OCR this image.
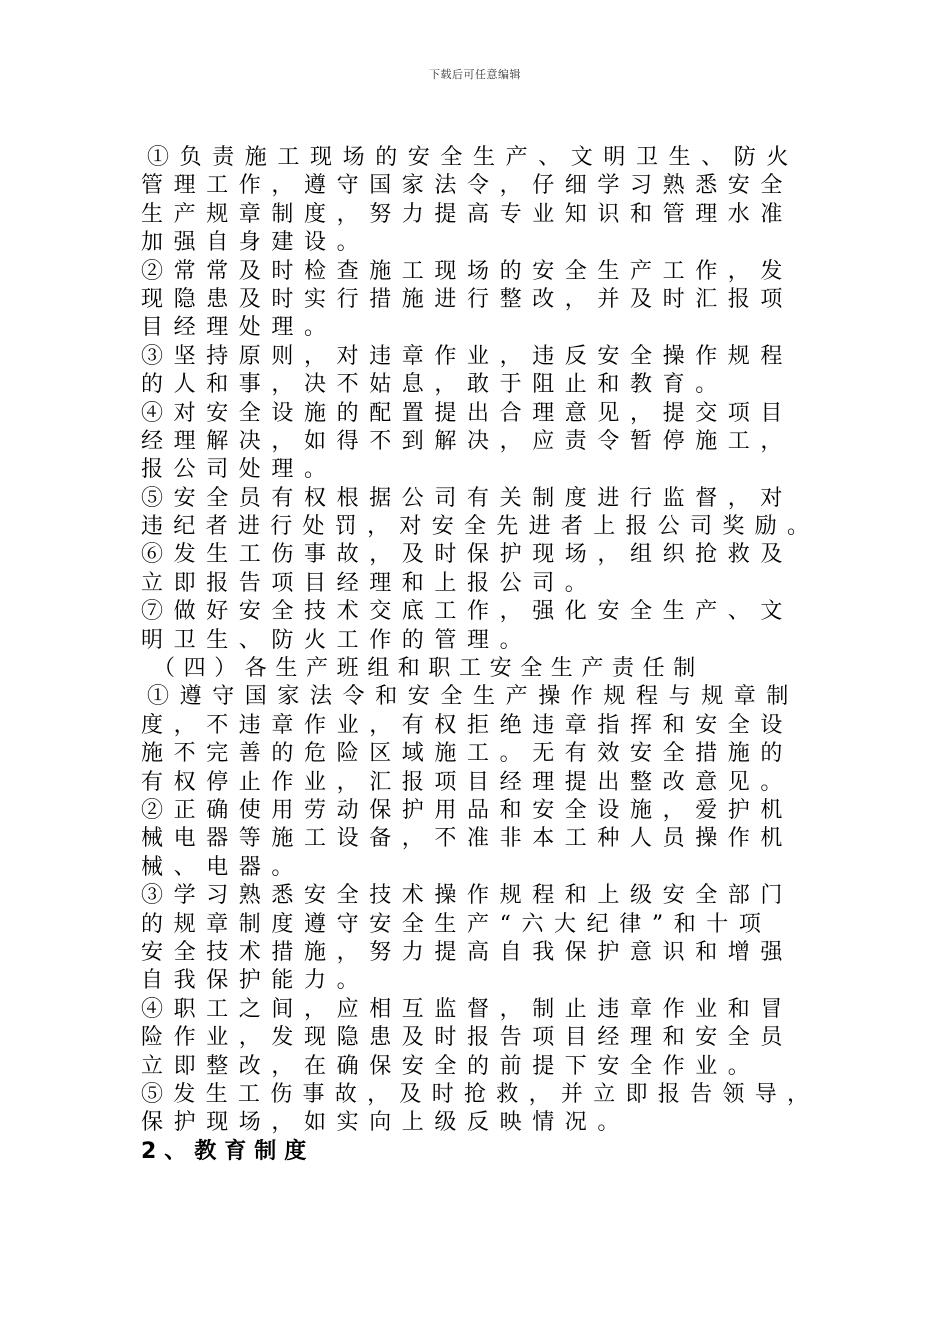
下载后可任意编辑
①负责施工现场的安全生产、文明卫生、防火
管理工作，遵守国家法令，仔细学习熟悉安全
生产规章制度，努力提高专业知识和管理水准
加强自身建设。
②常常及时检查施工现场的安全生产工作，发
现隐患及时实行措施进行整改，并及时汇报项
目经理处理。
③坚持原则，对违章作业，违反安全操作规程
的人和事，决不姑息，敢于阻止和教育。
④对安全设施的配置提出合理意见，提交项目
经理解决，如得不到解决，应责令暂停施工，
报公司处理。
⑤安全员有权根据公司有关制度进行监督，对
违纪者进行处罚，对安全先进者上报公司奖励。
⑥发生工伤事故，及时保护现场，组织抢救及
立即报告项目经理和上报公司。
⑦做好安全技术交底工作，强化安全生产、文
明卫生、防火工作的管理。
（四）各生产班组和职工安全生产责任制
①遵守国家法令和安全生产操作规程与规章制
度，不违章作业，有权拒绝违章指挥和安全设
施不完善的危险区域施工。无有效安全措施的
有权停止作业，汇报项目经理提出整改意见。
②正确使用劳动保护用品和安全设施，爱护机
械电器等施工设备，不准非本工种人员操作机
械、电器。
③学习熟悉安全技术操作规程和上级安全部门
的规章制度遵守安全生产“六大纪律”和十项
安全技术措施，努力提高自我保护意识和增强
自我保护能力。
④职工之间，应相互监督，制止违章作业和冒
险作业，发现隐患及时报告项目经理和安全员
立即整改，在确保安全的前提下安全作业。
⑤发生工伤事故，及时抢救，并立即报告领导，
保护现场，如实向上级反映情况。
2、教育制度
